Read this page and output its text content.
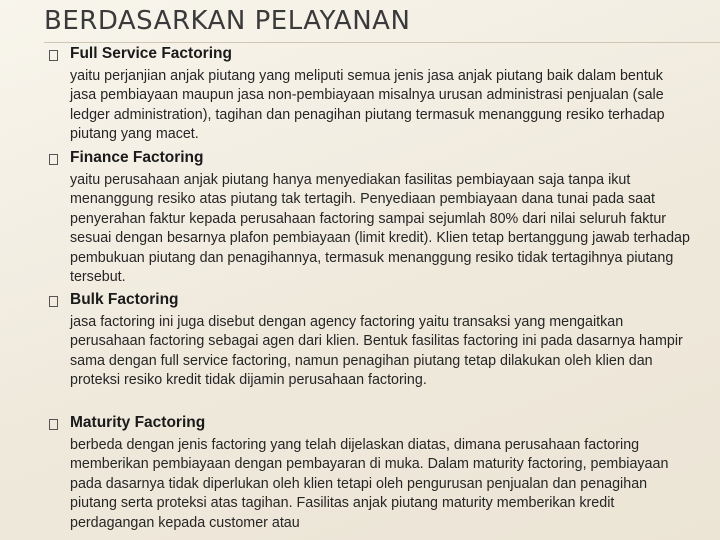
BERDASARKAN PELAYANAN
Full Service Factoring
yaitu perjanjian anjak piutang yang meliputi semua jenis jasa anjak piutang baik dalam bentuk jasa pembiayaan maupun jasa non-pembiayaan misalnya urusan administrasi penjualan (sale ledger administration), tagihan dan penagihan piutang termasuk menanggung resiko terhadap piutang yang macet.
Finance Factoring
yaitu perusahaan anjak piutang hanya menyediakan fasilitas pembiayaan saja tanpa ikut menanggung resiko atas piutang tak tertagih. Penyediaan pembiayaan dana tunai pada saat penyerahan faktur kepada perusahaan factoring sampai sejumlah 80% dari nilai seluruh faktur sesuai dengan besarnya plafon pembiayaan (limit kredit). Klien tetap bertanggung jawab terhadap pembukuan piutang dan penagihannya, termasuk menanggung resiko tidak tertagihnya piutang tersebut.
Bulk Factoring
jasa factoring ini juga disebut dengan agency factoring yaitu transaksi yang mengaitkan perusahaan factoring sebagai agen dari klien. Bentuk fasilitas factoring ini pada dasarnya hampir sama dengan full service factoring, namun penagihan piutang tetap dilakukan oleh klien dan proteksi resiko kredit tidak dijamin perusahaan factoring.
Maturity Factoring
berbeda dengan jenis factoring yang telah dijelaskan diatas, dimana perusahaan factoring memberikan pembiayaan dengan pembayaran di muka. Dalam maturity factoring, pembiayaan pada dasarnya tidak diperlukan oleh klien tetapi oleh pengurusan penjualan dan penagihan piutang serta proteksi atas tagihan. Fasilitas anjak piutang maturity memberikan kredit perdagangan kepada customer atau
